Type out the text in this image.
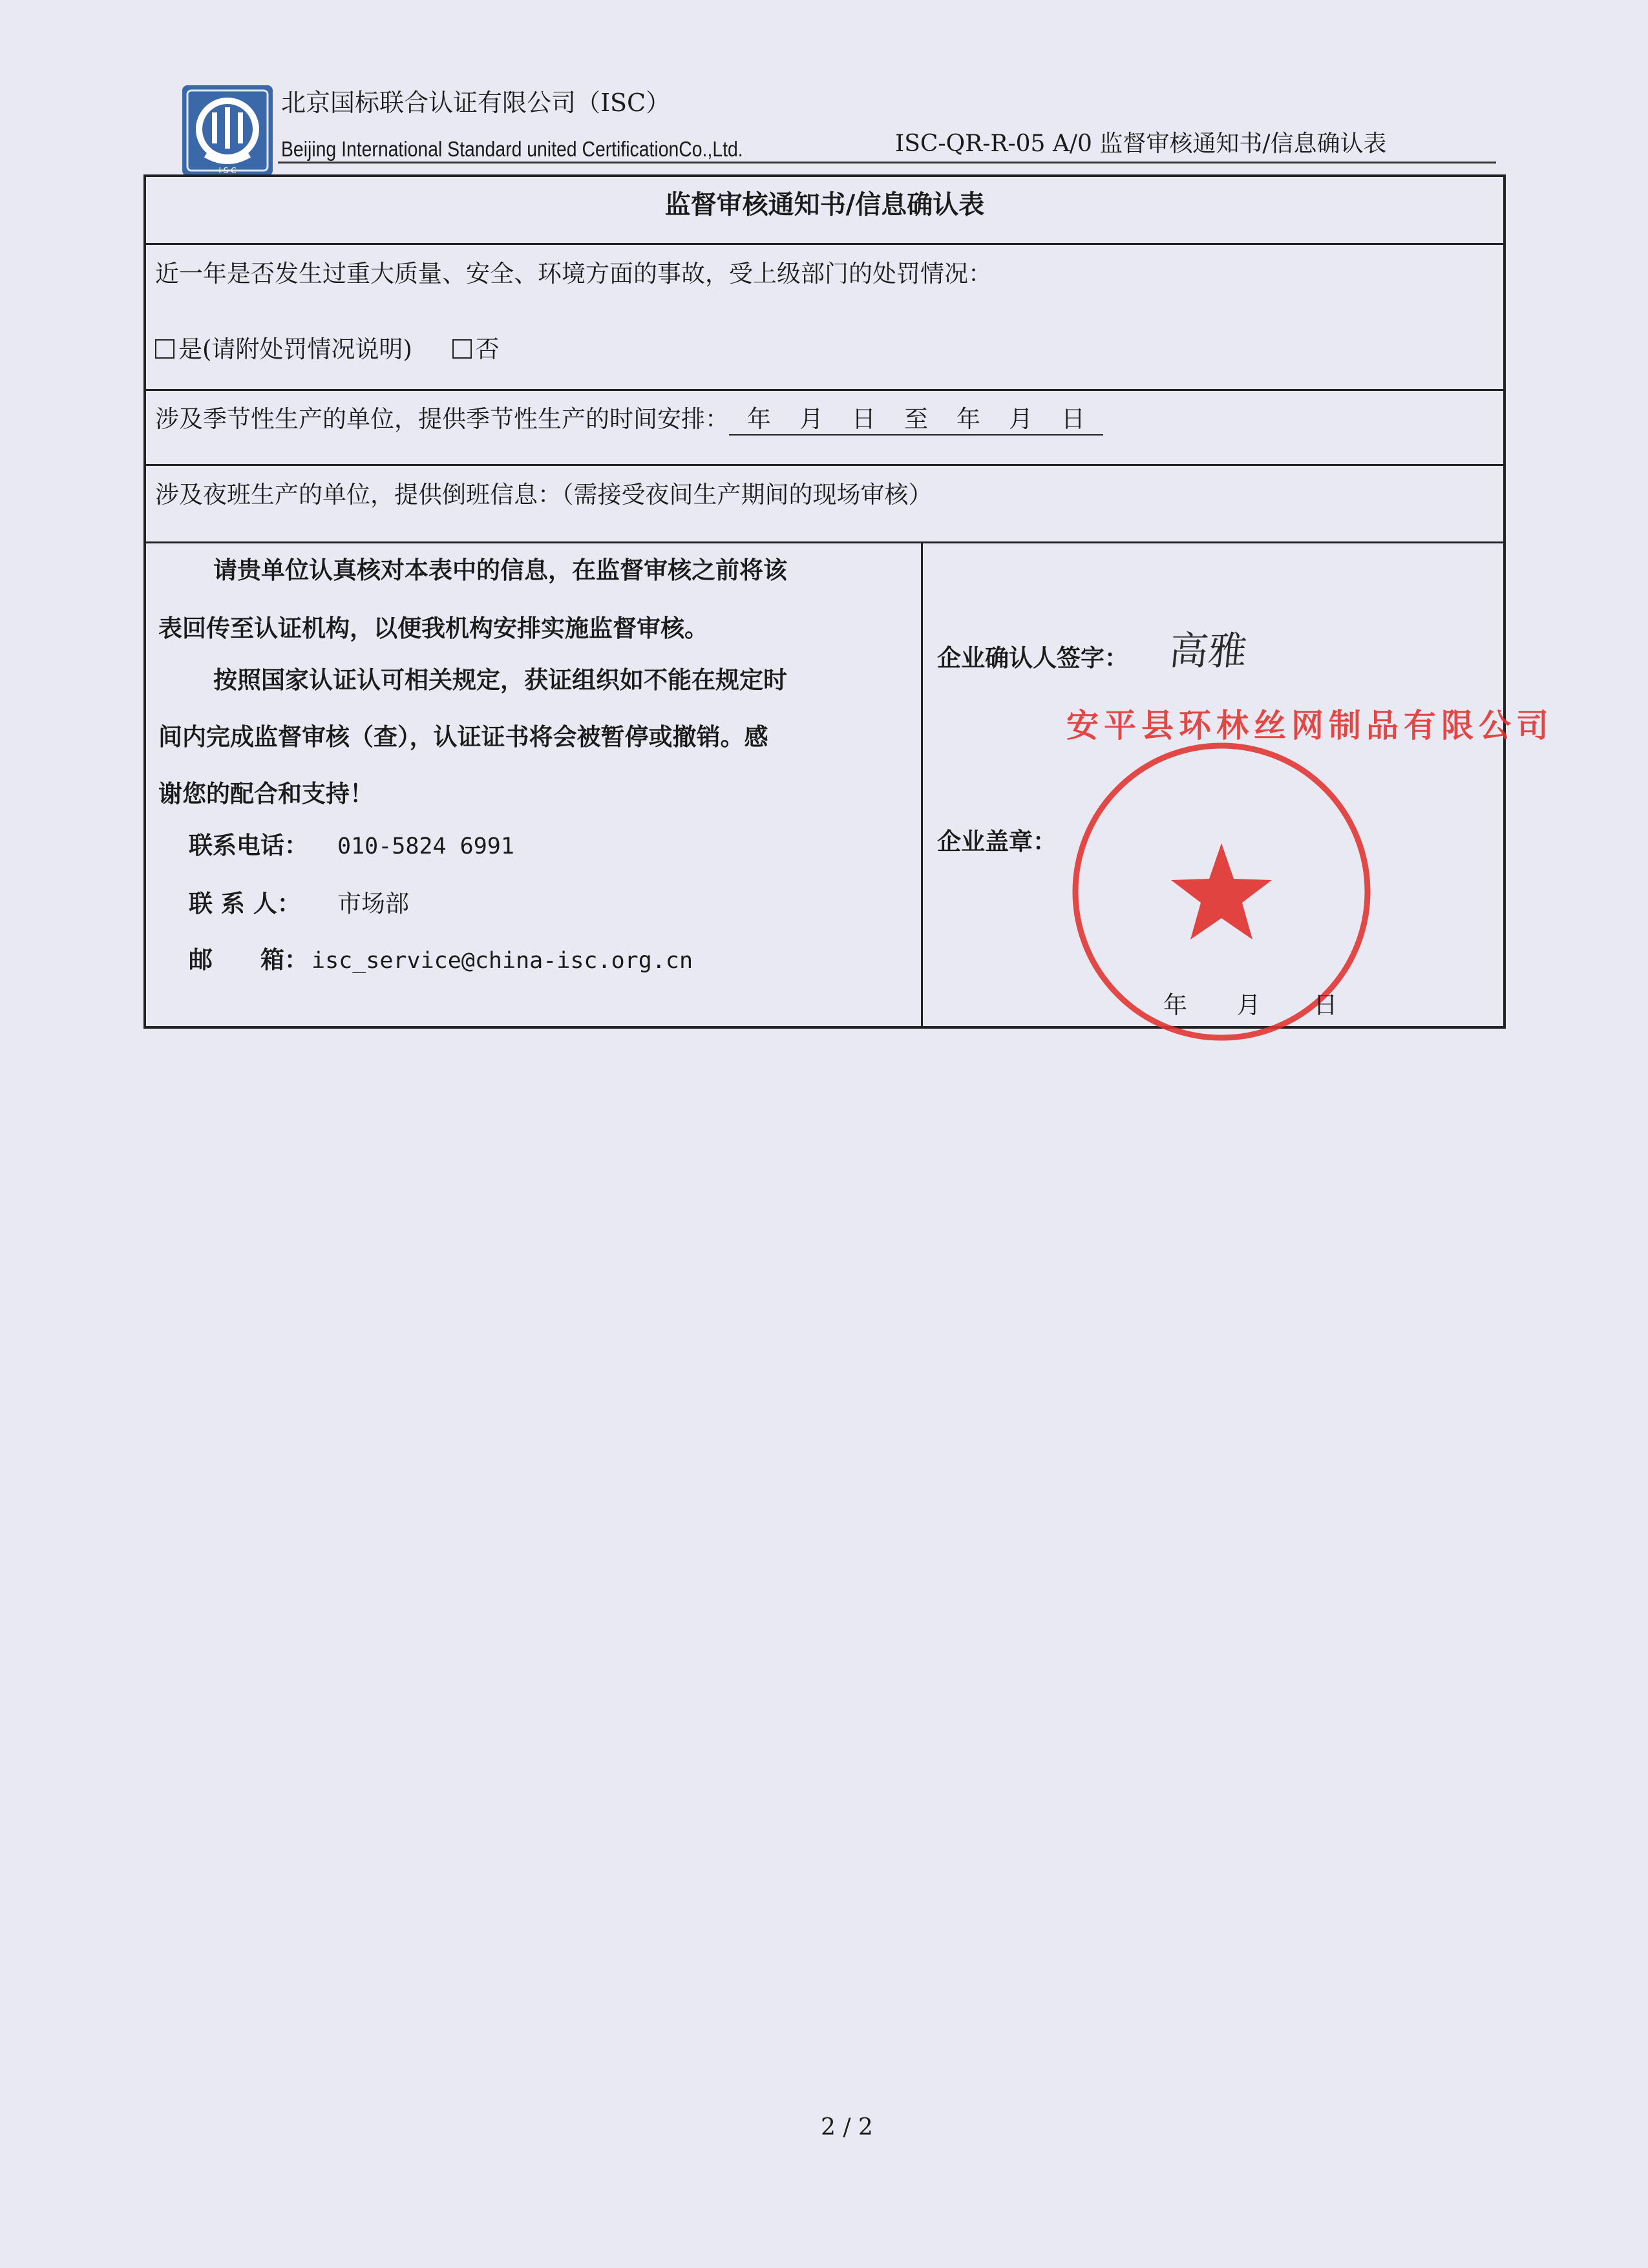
I S C
北京国标联合认证有限公司（ISC）
Beijing International Standard united CertificationCo.,Ltd.	ISC-QR-R-05 A/0 监督审核通知书/信息确认表
监督审核通知书/信息确认表
近一年是否发生过重大质量、安全、环境方面的事故，受上级部门的处罚情况：
是(请附处罚情况说明)	否
涉及季节性生产的单位，提供季节性生产的时间安排： 年 月 日 至 年 月 日
涉及夜班生产的单位，提供倒班信息：（需接受夜间生产期间的现场审核）
请贵单位认真核对本表中的信息，在监督审核之前将该
表回传至认证机构，以便我机构安排实施监督审核。
按照国家认证认可相关规定，获证组织如不能在规定时
间内完成监督审核（查），认证证书将会被暂停或撤销。感
谢您的配合和支持！
联系电话： 010-5824 6991
联 系 人： 市场部
邮　　箱： isc_service@china-isc.org.cn
企业确认人签字： 高雅
企业盖章：
安平县环林丝网制品有限公司
年 月 日
2 / 2
